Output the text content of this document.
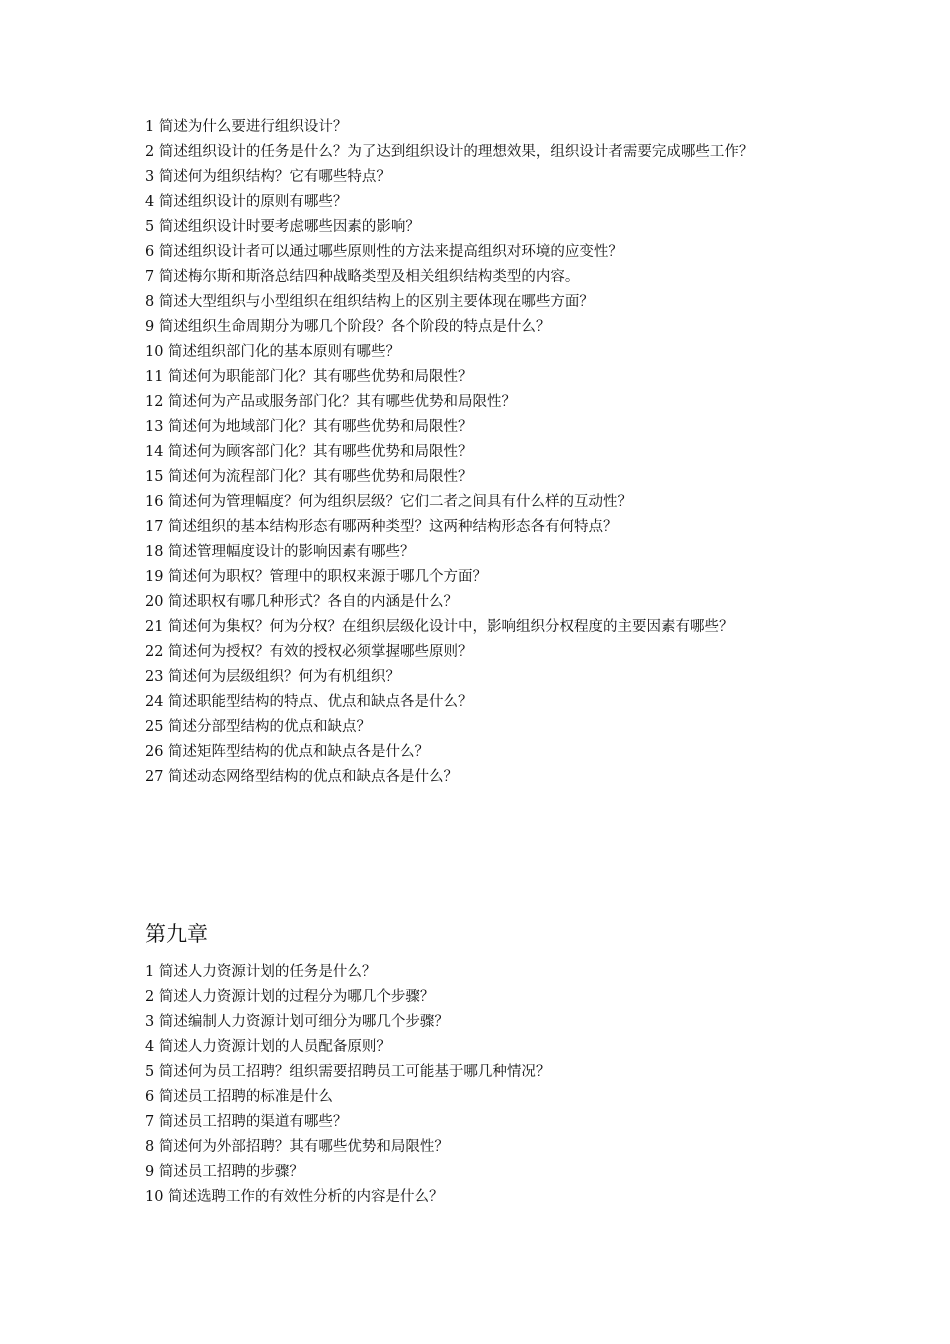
1 简述为什么要进行组织设计？

2 简述组织设计的任务是什么？为了达到组织设计的理想效果，组织设计者需要完成哪些工作？

3 简述何为组织结构？它有哪些特点？

4 简述组织设计的原则有哪些？

5 简述组织设计时要考虑哪些因素的影响？

6 简述组织设计者可以通过哪些原则性的方法来提高组织对环境的应变性？

7 简述梅尔斯和斯洛总结四种战略类型及相关组织结构类型的内容。

8 简述大型组织与小型组织在组织结构上的区别主要体现在哪些方面？

9 简述组织生命周期分为哪几个阶段？各个阶段的特点是什么？

10 简述组织部门化的基本原则有哪些？

11 简述何为职能部门化？其有哪些优势和局限性？

12 简述何为产品或服务部门化？其有哪些优势和局限性？

13 简述何为地域部门化？其有哪些优势和局限性？

14 简述何为顾客部门化？其有哪些优势和局限性？

15 简述何为流程部门化？其有哪些优势和局限性？

16 简述何为管理幅度？何为组织层级？它们二者之间具有什么样的互动性？

17 简述组织的基本结构形态有哪两种类型？这两种结构形态各有何特点？

18 简述管理幅度设计的影响因素有哪些？

19 简述何为职权？管理中的职权来源于哪几个方面？

20 简述职权有哪几种形式？各自的内涵是什么？

21 简述何为集权？何为分权？在组织层级化设计中，影响组织分权程度的主要因素有哪些？

22 简述何为授权？有效的授权必须掌握哪些原则？

23 简述何为层级组织？何为有机组织？

24 简述职能型结构的特点、优点和缺点各是什么？

25 简述分部型结构的优点和缺点？

26 简述矩阵型结构的优点和缺点各是什么？

27 简述动态网络型结构的优点和缺点各是什么？

第九章

1 简述人力资源计划的任务是什么？

2 简述人力资源计划的过程分为哪几个步骤？

3 简述编制人力资源计划可细分为哪几个步骤？

4 简述人力资源计划的人员配备原则？

5 简述何为员工招聘？组织需要招聘员工可能基于哪几种情况？

6 简述员工招聘的标准是什么

7 简述员工招聘的渠道有哪些？

8 简述何为外部招聘？其有哪些优势和局限性？

9 简述员工招聘的步骤？

10 简述选聘工作的有效性分析的内容是什么？
